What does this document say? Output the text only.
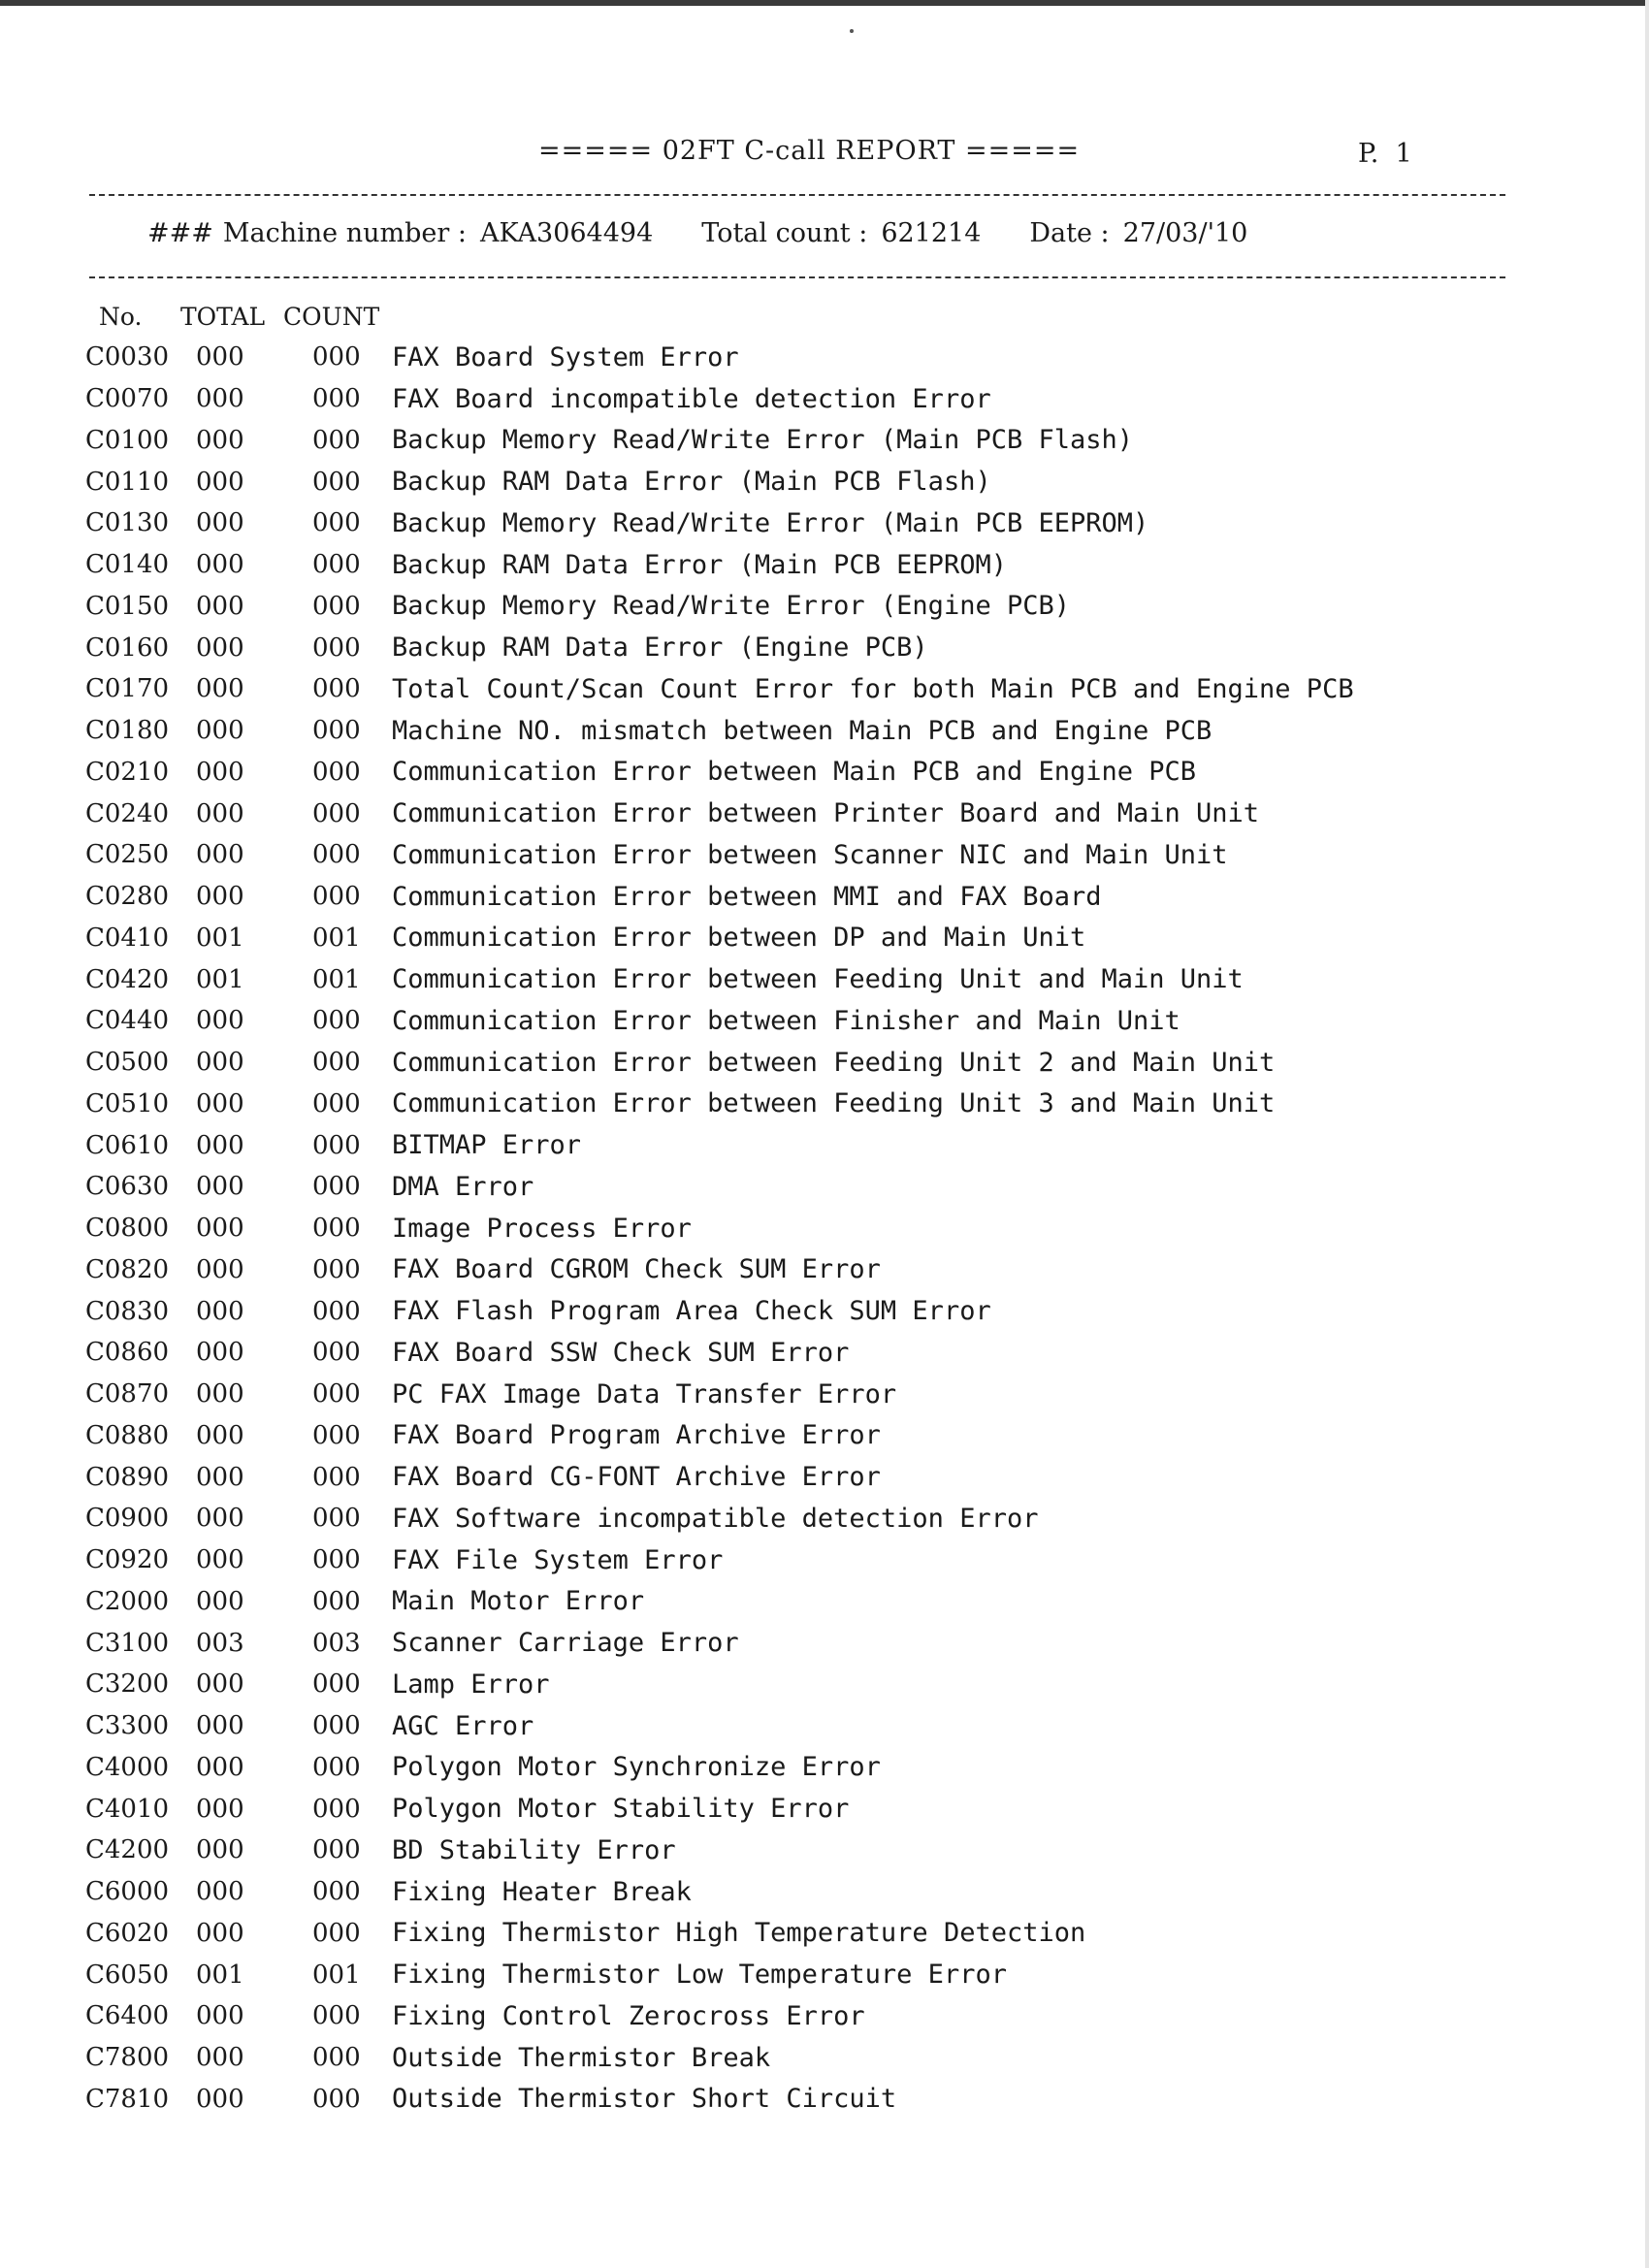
===== 02FT C-call REPORT =====	P.  1
### Machine number : AKA3064494 Total count : 621214 Date : 27/03/'10
No.	TOTAL COUNT
C0030	000	000	FAX Board System Error
C0070	000	000	FAX Board incompatible detection Error
C0100	000	000	Backup Memory Read/Write Error (Main PCB Flash)
C0110	000	000	Backup RAM Data Error (Main PCB Flash)
C0130	000	000	Backup Memory Read/Write Error (Main PCB EEPROM)
C0140	000	000	Backup RAM Data Error (Main PCB EEPROM)
C0150	000	000	Backup Memory Read/Write Error (Engine PCB)
C0160	000	000	Backup RAM Data Error (Engine PCB)
C0170	000	000	Total Count/Scan Count Error for both Main PCB and Engine PCB
C0180	000	000	Machine NO. mismatch between Main PCB and Engine PCB
C0210	000	000	Communication Error between Main PCB and Engine PCB
C0240	000	000	Communication Error between Printer Board and Main Unit
C0250	000	000	Communication Error between Scanner NIC and Main Unit
C0280	000	000	Communication Error between MMI and FAX Board
C0410	001	001	Communication Error between DP and Main Unit
C0420	001	001	Communication Error between Feeding Unit and Main Unit
C0440	000	000	Communication Error between Finisher and Main Unit
C0500	000	000	Communication Error between Feeding Unit 2 and Main Unit
C0510	000	000	Communication Error between Feeding Unit 3 and Main Unit
C0610	000	000	BITMAP Error
C0630	000	000	DMA Error
C0800	000	000	Image Process Error
C0820	000	000	FAX Board CGROM Check SUM Error
C0830	000	000	FAX Flash Program Area Check SUM Error
C0860	000	000	FAX Board SSW Check SUM Error
C0870	000	000	PC FAX Image Data Transfer Error
C0880	000	000	FAX Board Program Archive Error
C0890	000	000	FAX Board CG-FONT Archive Error
C0900	000	000	FAX Software incompatible detection Error
C0920	000	000	FAX File System Error
C2000	000	000	Main Motor Error
C3100	003	003	Scanner Carriage Error
C3200	000	000	Lamp Error
C3300	000	000	AGC Error
C4000	000	000	Polygon Motor Synchronize Error
C4010	000	000	Polygon Motor Stability Error
C4200	000	000	BD Stability Error
C6000	000	000	Fixing Heater Break
C6020	000	000	Fixing Thermistor High Temperature Detection
C6050	001	001	Fixing Thermistor Low Temperature Error
C6400	000	000	Fixing Control Zerocross Error
C7800	000	000	Outside Thermistor Break
C7810	000	000	Outside Thermistor Short Circuit
